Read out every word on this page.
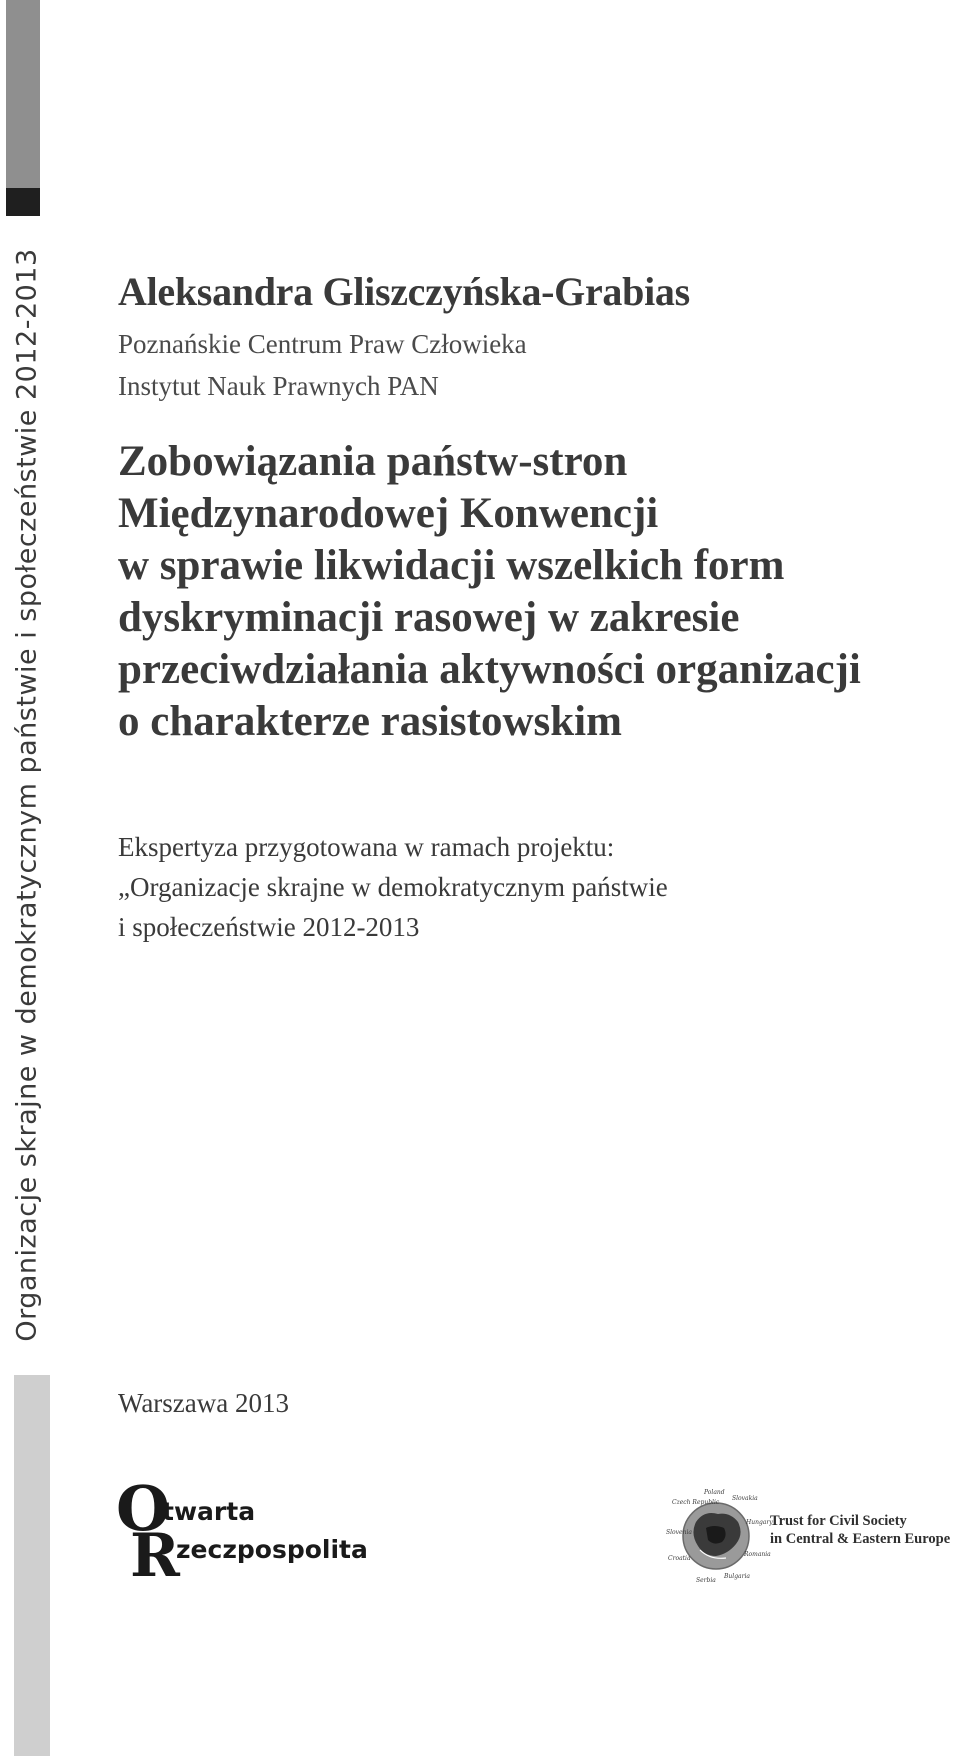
Organizacje skrajne w demokratycznym państwie i społeczeństwie 2012-2013 Aleksandra Gliszczyńska-Grabias
Poznańskie Centrum Praw Człowieka
Instytut Nauk Prawnych PAN
Zobowiązania państw-stron
Międzynarodowej Konwencji
w sprawie likwidacji wszelkich form
dyskryminacji rasowej w zakresie
przeciwdziałania aktywności organizacji
o charakterze rasistowskim
Ekspertyza przygotowana w ramach projektu:
„Organizacje skrajne w demokratycznym państwie
i społeczeństwie 2012-2013
Warszawa 2013
O
twarta
R
zeczpospolita
Poland
Slovakia
Hungary
Romania
Bulgaria
Serbia
Croatia
Slovenia
Czech Republic
Trust for Civil Society
in Central & Eastern Europe
